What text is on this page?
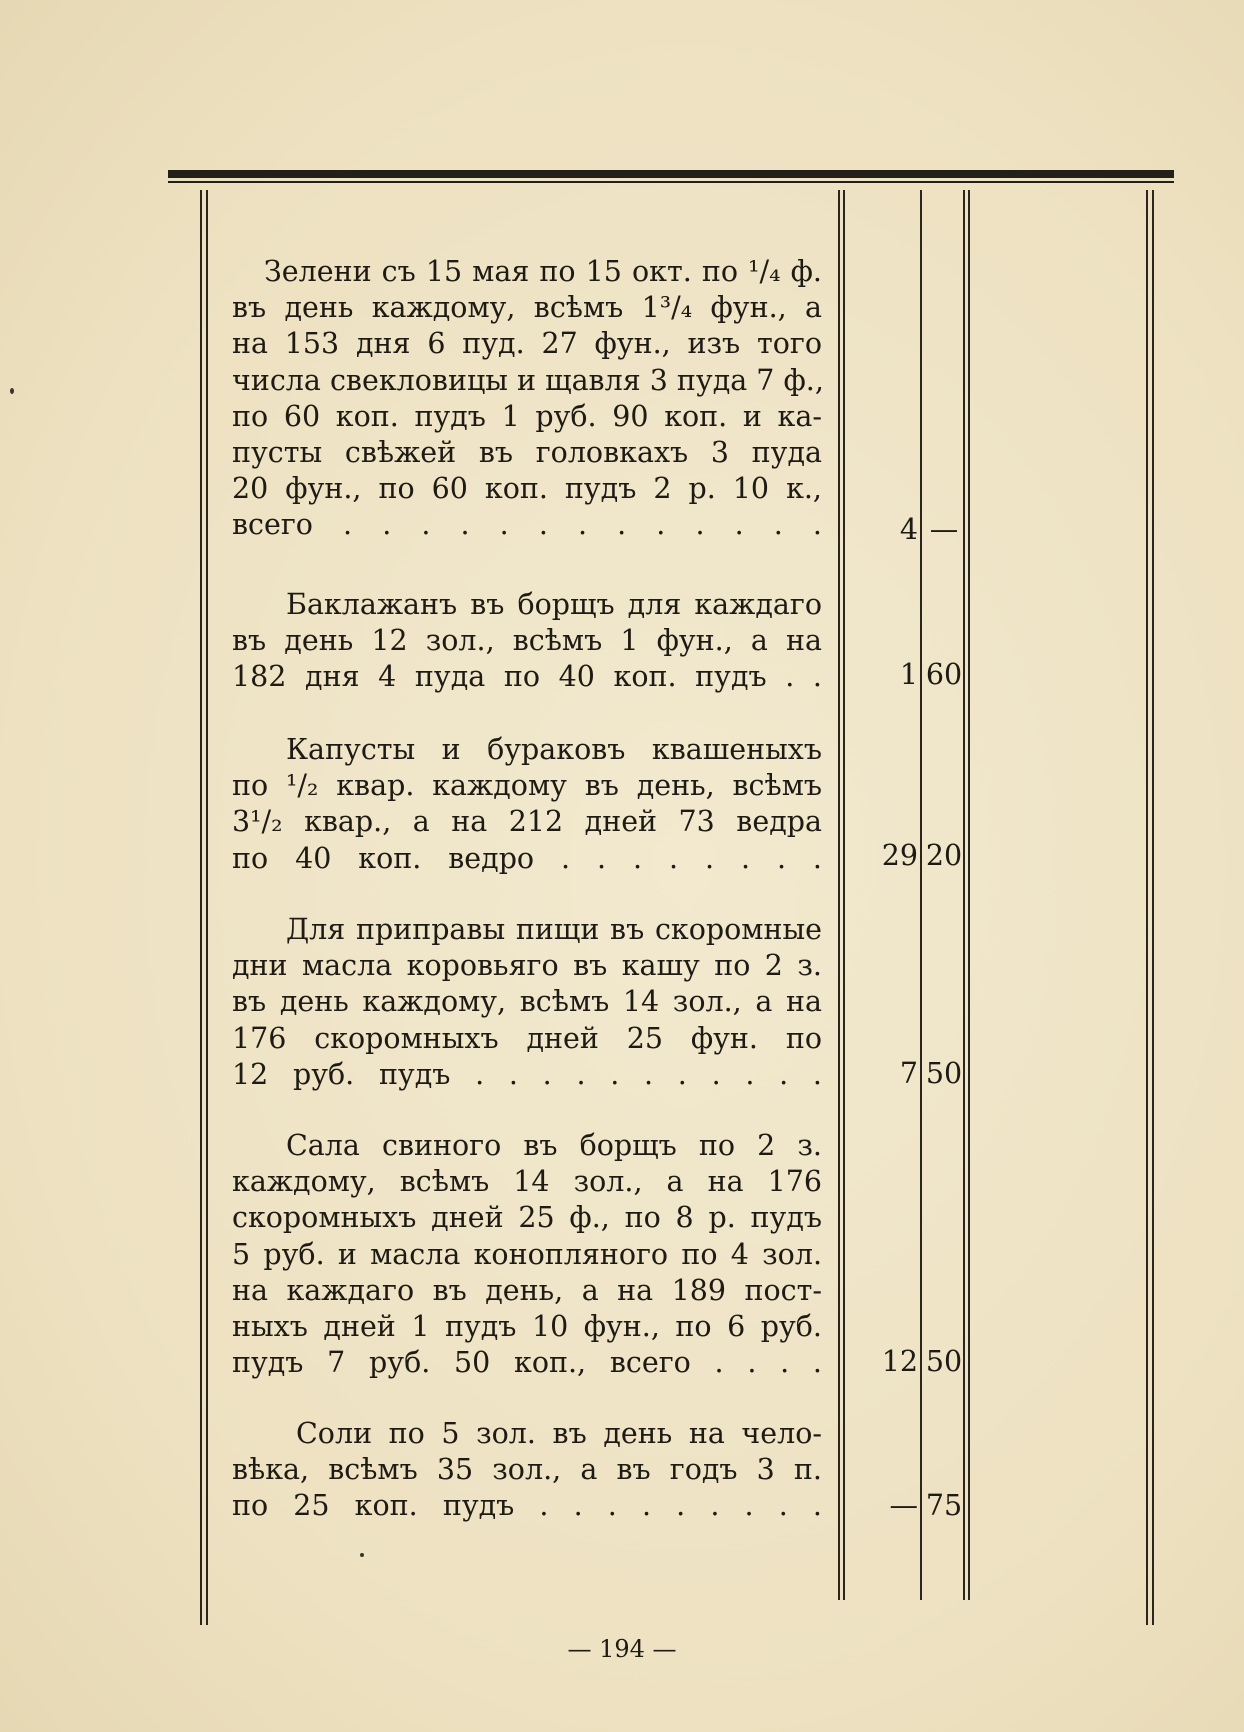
Зелени съ 15 мая по 15 окт. по ¹/₄ ф.
въ день каждому, всѣмъ 1³/₄ фун., а
на 153 дня 6 пуд. 27 фун., изъ того
числа свекловицы и щавля 3 пуда 7 ф.,
по 60 коп. пудъ 1 руб. 90 коп. и ка-
пусты свѣжей въ головкахъ 3 пуда
20 фун., по 60 коп. пудъ 2 р. 10 к.,
всего . . . . . . . . . . . . .	4 —
Баклажанъ въ борщъ для каждаго
въ день 12 зол., всѣмъ 1 фун., а на
182 дня 4 пуда по 40 коп. пудъ . .	1 60
Капусты и бураковъ квашеныхъ
по ¹/₂ квар. каждому въ день, всѣмъ
3¹/₂ квар., а на 212 дней 73 ведра
по 40 коп. ведро . . . . . . . .	29 20
Для приправы пищи въ скоромные
дни масла коровьяго въ кашу по 2 з.
въ день каждому, всѣмъ 14 зол., а на
176 скоромныхъ дней 25 фун. по
12 руб. пудъ . . . . . . . . . . .	7 50
Сала свиного въ борщъ по 2 з.
каждому, всѣмъ 14 зол., а на 176
скоромныхъ дней 25 ф., по 8 р. пудъ
5 руб. и масла конопляного по 4 зол.
на каждаго въ день, а на 189 пост-
ныхъ дней 1 пудъ 10 фун., по 6 руб.
пудъ 7 руб. 50 коп., всего . . . .	12 50
Соли по 5 зол. въ день на чело-
вѣка, всѣмъ 35 зол., а въ годъ 3 п.
по 25 коп. пудъ . . . . . . . . .	— 75
— 194 —
